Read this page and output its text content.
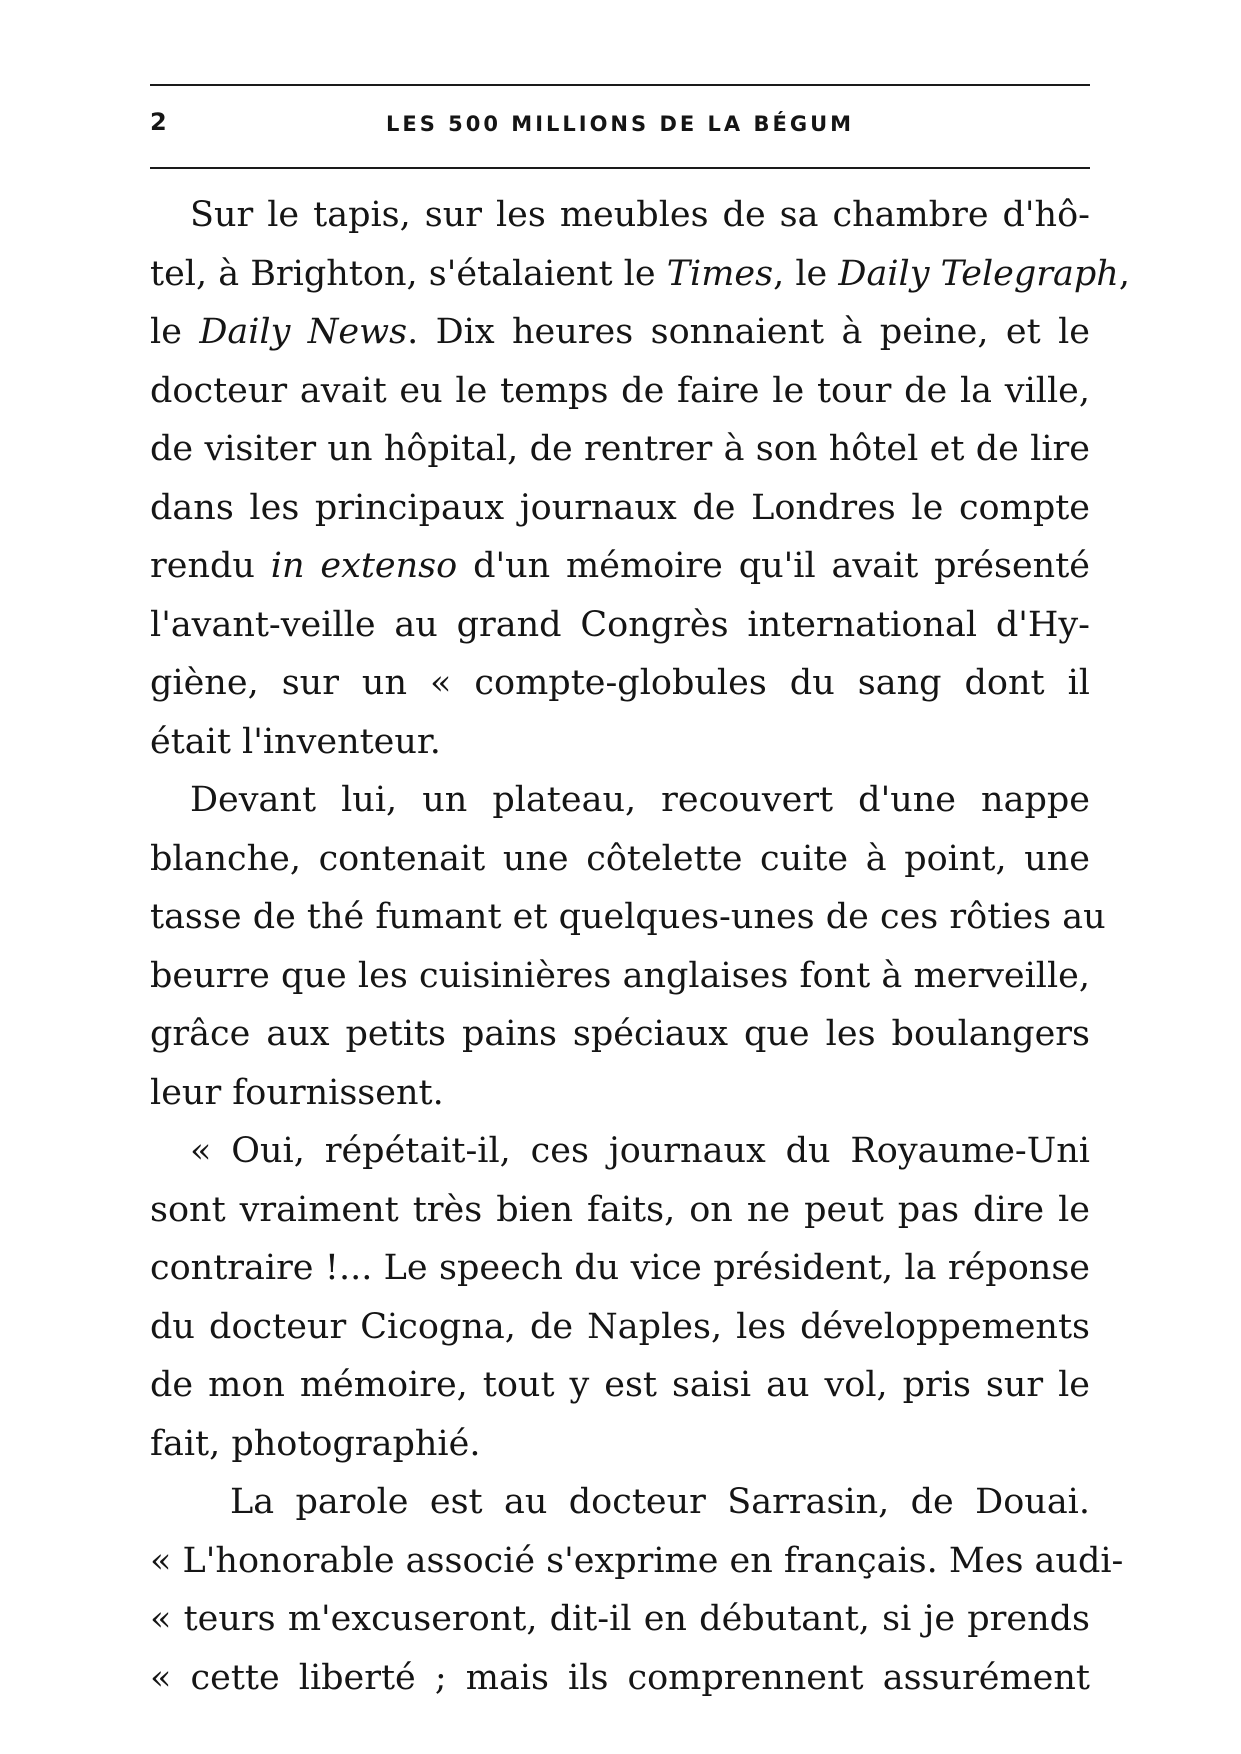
2	LES 500 MILLIONS DE LA BÉGUM
Sur le tapis, sur les meubles de sa chambre d'hô-
tel, à Brighton, s'étalaient le Times, le Daily Telegraph,
le Daily News. Dix heures sonnaient à peine, et le
docteur avait eu le temps de faire le tour de la ville,
de visiter un hôpital, de rentrer à son hôtel et de lire
dans les principaux journaux de Londres le compte
rendu in extenso d'un mémoire qu'il avait présenté
l'avant-veille au grand Congrès international d'Hy-
giène, sur un « compte-globules du sang dont il
était l'inventeur.
Devant lui, un plateau, recouvert d'une nappe
blanche, contenait une côtelette cuite à point, une
tasse de thé fumant et quelques-unes de ces rôties au
beurre que les cuisinières anglaises font à merveille,
grâce aux petits pains spéciaux que les boulangers
leur fournissent.
« Oui, répétait-il, ces journaux du Royaume-Uni
sont vraiment très bien faits, on ne peut pas dire le
contraire !... Le speech du vice président, la réponse
du docteur Cicogna, de Naples, les développements
de mon mémoire, tout y est saisi au vol, pris sur le
fait, photographié.
La parole est au docteur Sarrasin, de Douai.
« L'honorable associé s'exprime en français. Mes audi-
« teurs m'excuseront, dit-il en débutant, si je prends
« cette liberté ; mais ils comprennent assurément
